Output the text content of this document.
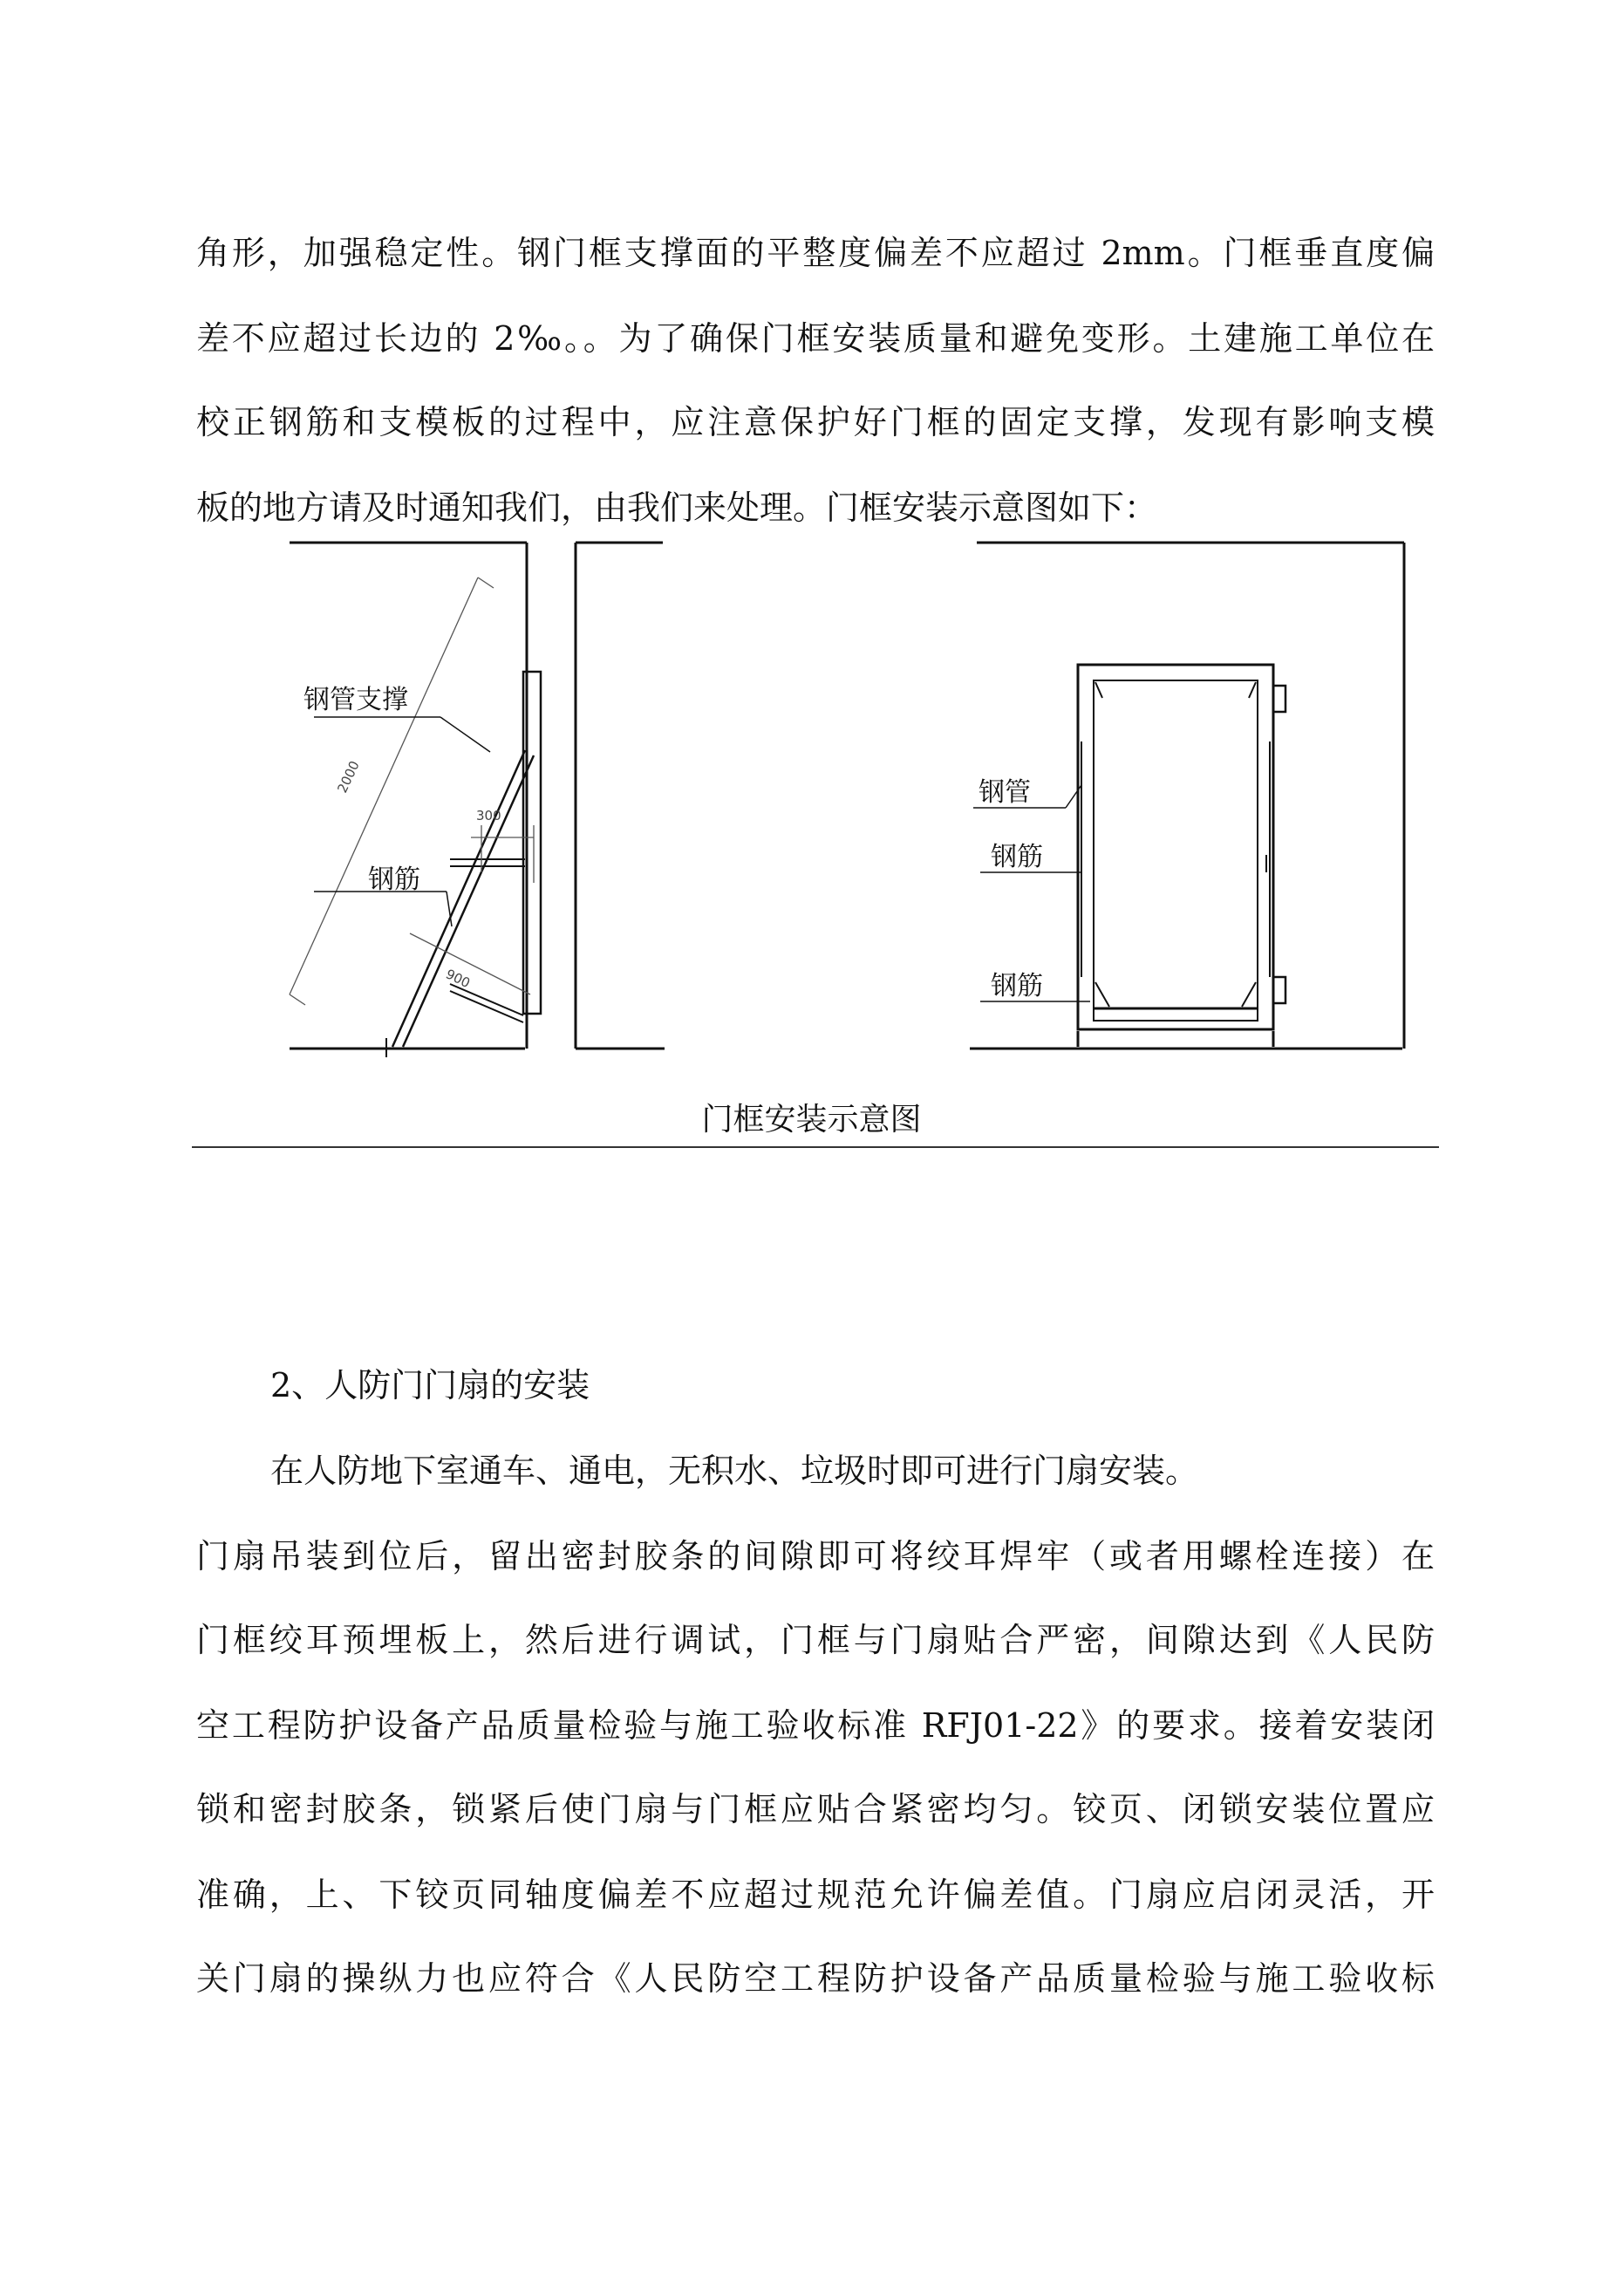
角形，加强稳定性。钢门框支撑面的平整度偏差不应超过 2mm。门框垂直度偏
差不应超过长边的 2‰。。为了确保门框安装质量和避免变形。土建施工单位在
校正钢筋和支模板的过程中，应注意保护好门框的固定支撑，发现有影响支模
板的地方请及时通知我们，由我们来处理。门框安装示意图如下：
钢管支撑
钢筋
2000
300
900
钢管
钢筋
钢筋
门框安装示意图
2、人防门门扇的安装
在人防地下室通车、通电，无积水、垃圾时即可进行门扇安装。
门扇吊装到位后，留出密封胶条的间隙即可将绞耳焊牢（或者用螺栓连接）在
门框绞耳预埋板上，然后进行调试，门框与门扇贴合严密，间隙达到《人民防
空工程防护设备产品质量检验与施工验收标准 RFJ01-22》的要求。接着安装闭
锁和密封胶条，锁紧后使门扇与门框应贴合紧密均匀。铰页、闭锁安装位置应
准确，上、下铰页同轴度偏差不应超过规范允许偏差值。门扇应启闭灵活，开
关门扇的操纵力也应符合《人民防空工程防护设备产品质量检验与施工验收标
